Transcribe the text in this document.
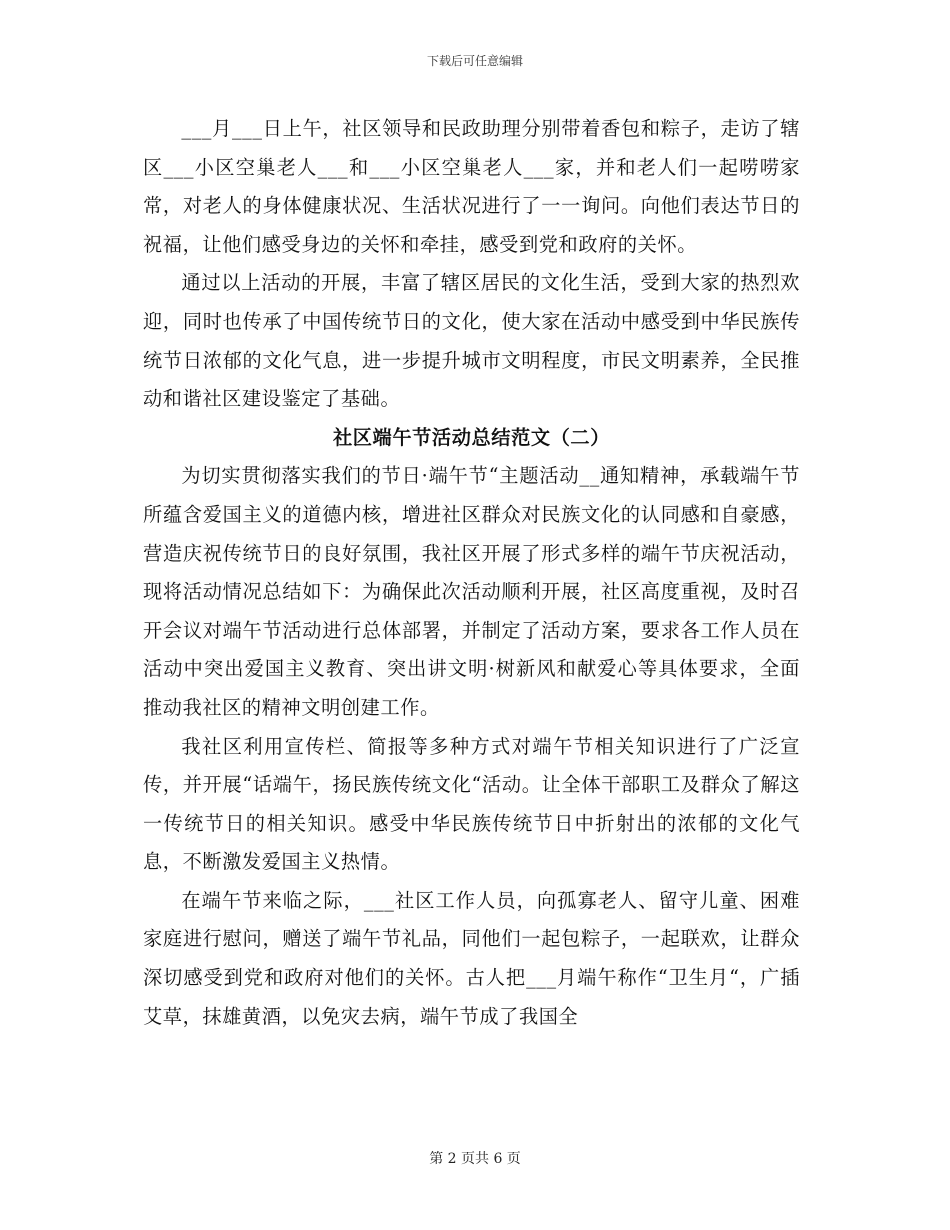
下载后可任意编辑

___月___日上午，社区领导和民政助理分别带着香包和粽子，走访了辖区___小区空巢老人___和___小区空巢老人___家，并和老人们一起唠唠家常，对老人的身体健康状况、生活状况进行了一一询问。向他们表达节日的祝福，让他们感受身边的关怀和牵挂，感受到党和政府的关怀。

通过以上活动的开展，丰富了辖区居民的文化生活，受到大家的热烈欢迎，同时也传承了中国传统节日的文化，使大家在活动中感受到中华民族传统节日浓郁的文化气息，进一步提升城市文明程度，市民文明素养，全民推动和谐社区建设鉴定了基础。

社区端午节活动总结范文（二）

为切实贯彻落实我们的节日·端午节“主题活动__通知精神，承载端午节所蕴含爱国主义的道德内核，增进社区群众对民族文化的认同感和自豪感，营造庆祝传统节日的良好氛围，我社区开展了形式多样的端午节庆祝活动，现将活动情况总结如下：为确保此次活动顺利开展，社区高度重视，及时召开会议对端午节活动进行总体部署，并制定了活动方案，要求各工作人员在活动中突出爱国主义教育、突出讲文明·树新风和献爱心等具体要求，全面推动我社区的精神文明创建工作。

我社区利用宣传栏、简报等多种方式对端午节相关知识进行了广泛宣传，并开展“话端午，扬民族传统文化“活动。让全体干部职工及群众了解这一传统节日的相关知识。感受中华民族传统节日中折射出的浓郁的文化气息，不断激发爱国主义热情。

在端午节来临之际，___社区工作人员，向孤寡老人、留守儿童、困难家庭进行慰问，赠送了端午节礼品，同他们一起包粽子，一起联欢，让群众深切感受到党和政府对他们的关怀。古人把___月端午称作“卫生月“，广插艾草，抹雄黄酒，以免灾去病，端午节成了我国全

第 2 页共 6 页
